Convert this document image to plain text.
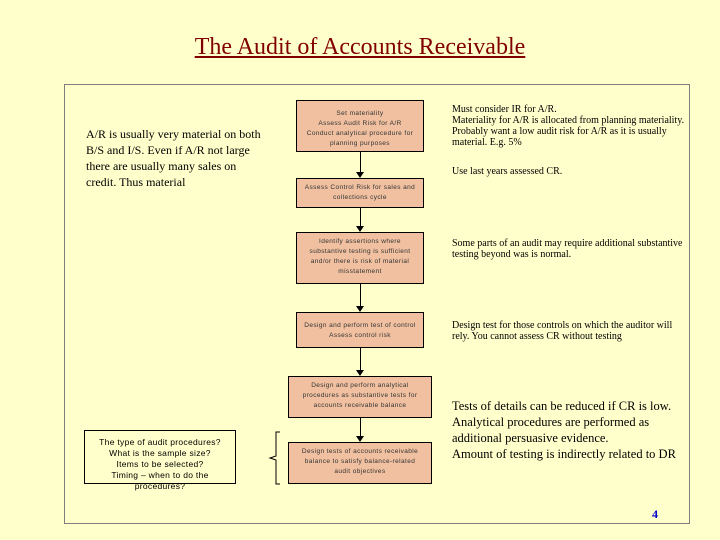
The Audit of Accounts Receivable
A/R is usually very material on both B/S and I/S. Even if A/R not large there are usually many sales on credit. Thus material
Set materiality
Assess Audit Risk for A/R
Conduct analytical procedure for
planning purposes
Assess Control Risk for sales and
collections cycle
Identify assertions where
substantive testing is sufficient
and/or there is risk of material
misstatement
Design and perform test of control
Assess control risk
Design and perform analytical
procedures as substantive tests for
accounts receivable balance
Design tests of accounts receivable
balance to satisfy balance-related
audit objectives
The type of audit procedures?
What is the sample size?
Items to be selected?
Timing – when to do the procedures?
Must consider IR for A/R.
Materiality for A/R is allocated from planning materiality.
Probably want a low audit risk for A/R as it is usually
material. E.g. 5%
Use last years assessed CR.
Some parts of an audit may require additional substantive
testing beyond was is normal.
Design test for those controls on which the auditor will
rely. You cannot assess CR without testing
Tests of details can be reduced if CR is low.
Analytical procedures are performed as
additional persuasive evidence.
Amount of testing is indirectly related to DR
4
